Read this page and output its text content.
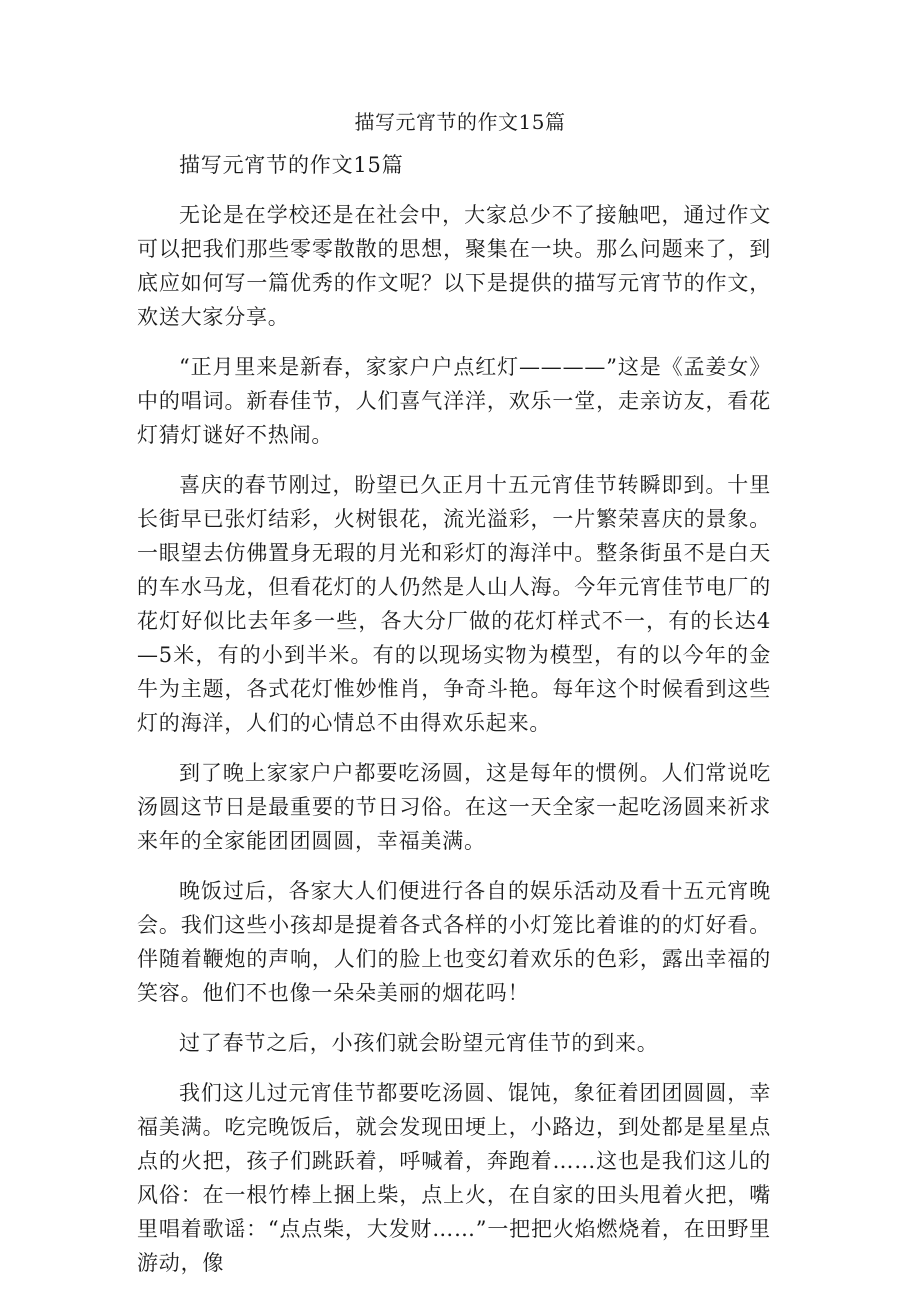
描写元宵节的作文15篇

描写元宵节的作文15篇

无论是在学校还是在社会中，大家总少不了接触吧，通过作文可以把我们那些零零散散的思想，聚集在一块。那么问题来了，到底应如何写一篇优秀的作文呢？以下是提供的描写元宵节的作文，欢送大家分享。

“正月里来是新春，家家户户点红灯————”这是《孟姜女》中的唱词。新春佳节，人们喜气洋洋，欢乐一堂，走亲访友，看花灯猜灯谜好不热闹。

喜庆的春节刚过，盼望已久正月十五元宵佳节转瞬即到。十里长街早已张灯结彩，火树银花，流光溢彩，一片繁荣喜庆的景象。一眼望去仿佛置身无瑕的月光和彩灯的海洋中。整条街虽不是白天的车水马龙，但看花灯的人仍然是人山人海。今年元宵佳节电厂的花灯好似比去年多一些，各大分厂做的花灯样式不一，有的长达4—5米，有的小到半米。有的以现场实物为模型，有的以今年的金牛为主题，各式花灯惟妙惟肖，争奇斗艳。每年这个时候看到这些灯的海洋，人们的心情总不由得欢乐起来。

到了晚上家家户户都要吃汤圆，这是每年的惯例。人们常说吃汤圆这节日是最重要的节日习俗。在这一天全家一起吃汤圆来祈求来年的全家能团团圆圆，幸福美满。

晚饭过后，各家大人们便进行各自的娱乐活动及看十五元宵晚会。我们这些小孩却是提着各式各样的小灯笼比着谁的的灯好看。伴随着鞭炮的声响，人们的脸上也变幻着欢乐的色彩，露出幸福的笑容。他们不也像一朵朵美丽的烟花吗！

过了春节之后，小孩们就会盼望元宵佳节的到来。

我们这儿过元宵佳节都要吃汤圆、馄饨，象征着团团圆圆，幸福美满。吃完晚饭后，就会发现田埂上，小路边，到处都是星星点点的火把，孩子们跳跃着，呼喊着，奔跑着……这也是我们这儿的风俗：在一根竹棒上捆上柴，点上火，在自家的田头甩着火把，嘴里唱着歌谣：“点点柴，大发财……”一把把火焰燃烧着，在田野里游动，像
